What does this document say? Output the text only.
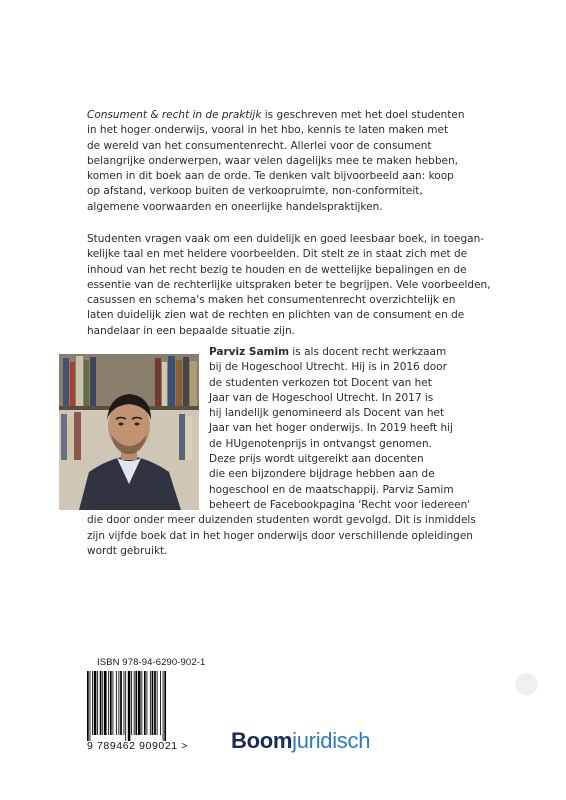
Consument & recht in de praktijk is geschreven met het doel studenten
in het hoger onderwijs, vooral in het hbo, kennis te laten maken met
de wereld van het consumentenrecht. Allerlei voor de consument
belangrijke onderwerpen, waar velen dagelijks mee te maken hebben,
komen in dit boek aan de orde. Te denken valt bijvoorbeeld aan: koop
op afstand, verkoop buiten de verkoopruimte, non-conformiteit,
algemene voorwaarden en oneerlijke handelspraktijken.
Studenten vragen vaak om een duidelijk en goed leesbaar boek, in toegan-
kelijke taal en met heldere voorbeelden. Dit stelt ze in staat zich met de
inhoud van het recht bezig te houden en de wettelijke bepalingen en de
essentie van de rechterlijke uitspraken beter te begrijpen. Vele voorbeelden,
casussen en schema's maken het consumentenrecht overzichtelijk en
laten duidelijk zien wat de rechten en plichten van de consument en de
handelaar in een bepaalde situatie zijn.
Parviz Samim is als docent recht werkzaam
bij de Hogeschool Utrecht. Hij is in 2016 door
de studenten verkozen tot Docent van het
Jaar van de Hogeschool Utrecht. In 2017 is
hij landelijk genomineerd als Docent van het
Jaar van het hoger onderwijs. In 2019 heeft hij
de HUgenotenprijs in ontvangst genomen.
Deze prijs wordt uitgereikt aan docenten
die een bijzondere bijdrage hebben aan de
hogeschool en de maatschappij. Parviz Samim
beheert de Facebookpagina 'Recht voor iedereen'
die door onder meer duizenden studenten wordt gevolgd. Dit is inmiddels
zijn vijfde boek dat in het hoger onderwijs door verschillende opleidingen
wordt gebruikt.
ISBN 978-94-6290-902-1
9 789462 909021 > Boomjuridisch
●
